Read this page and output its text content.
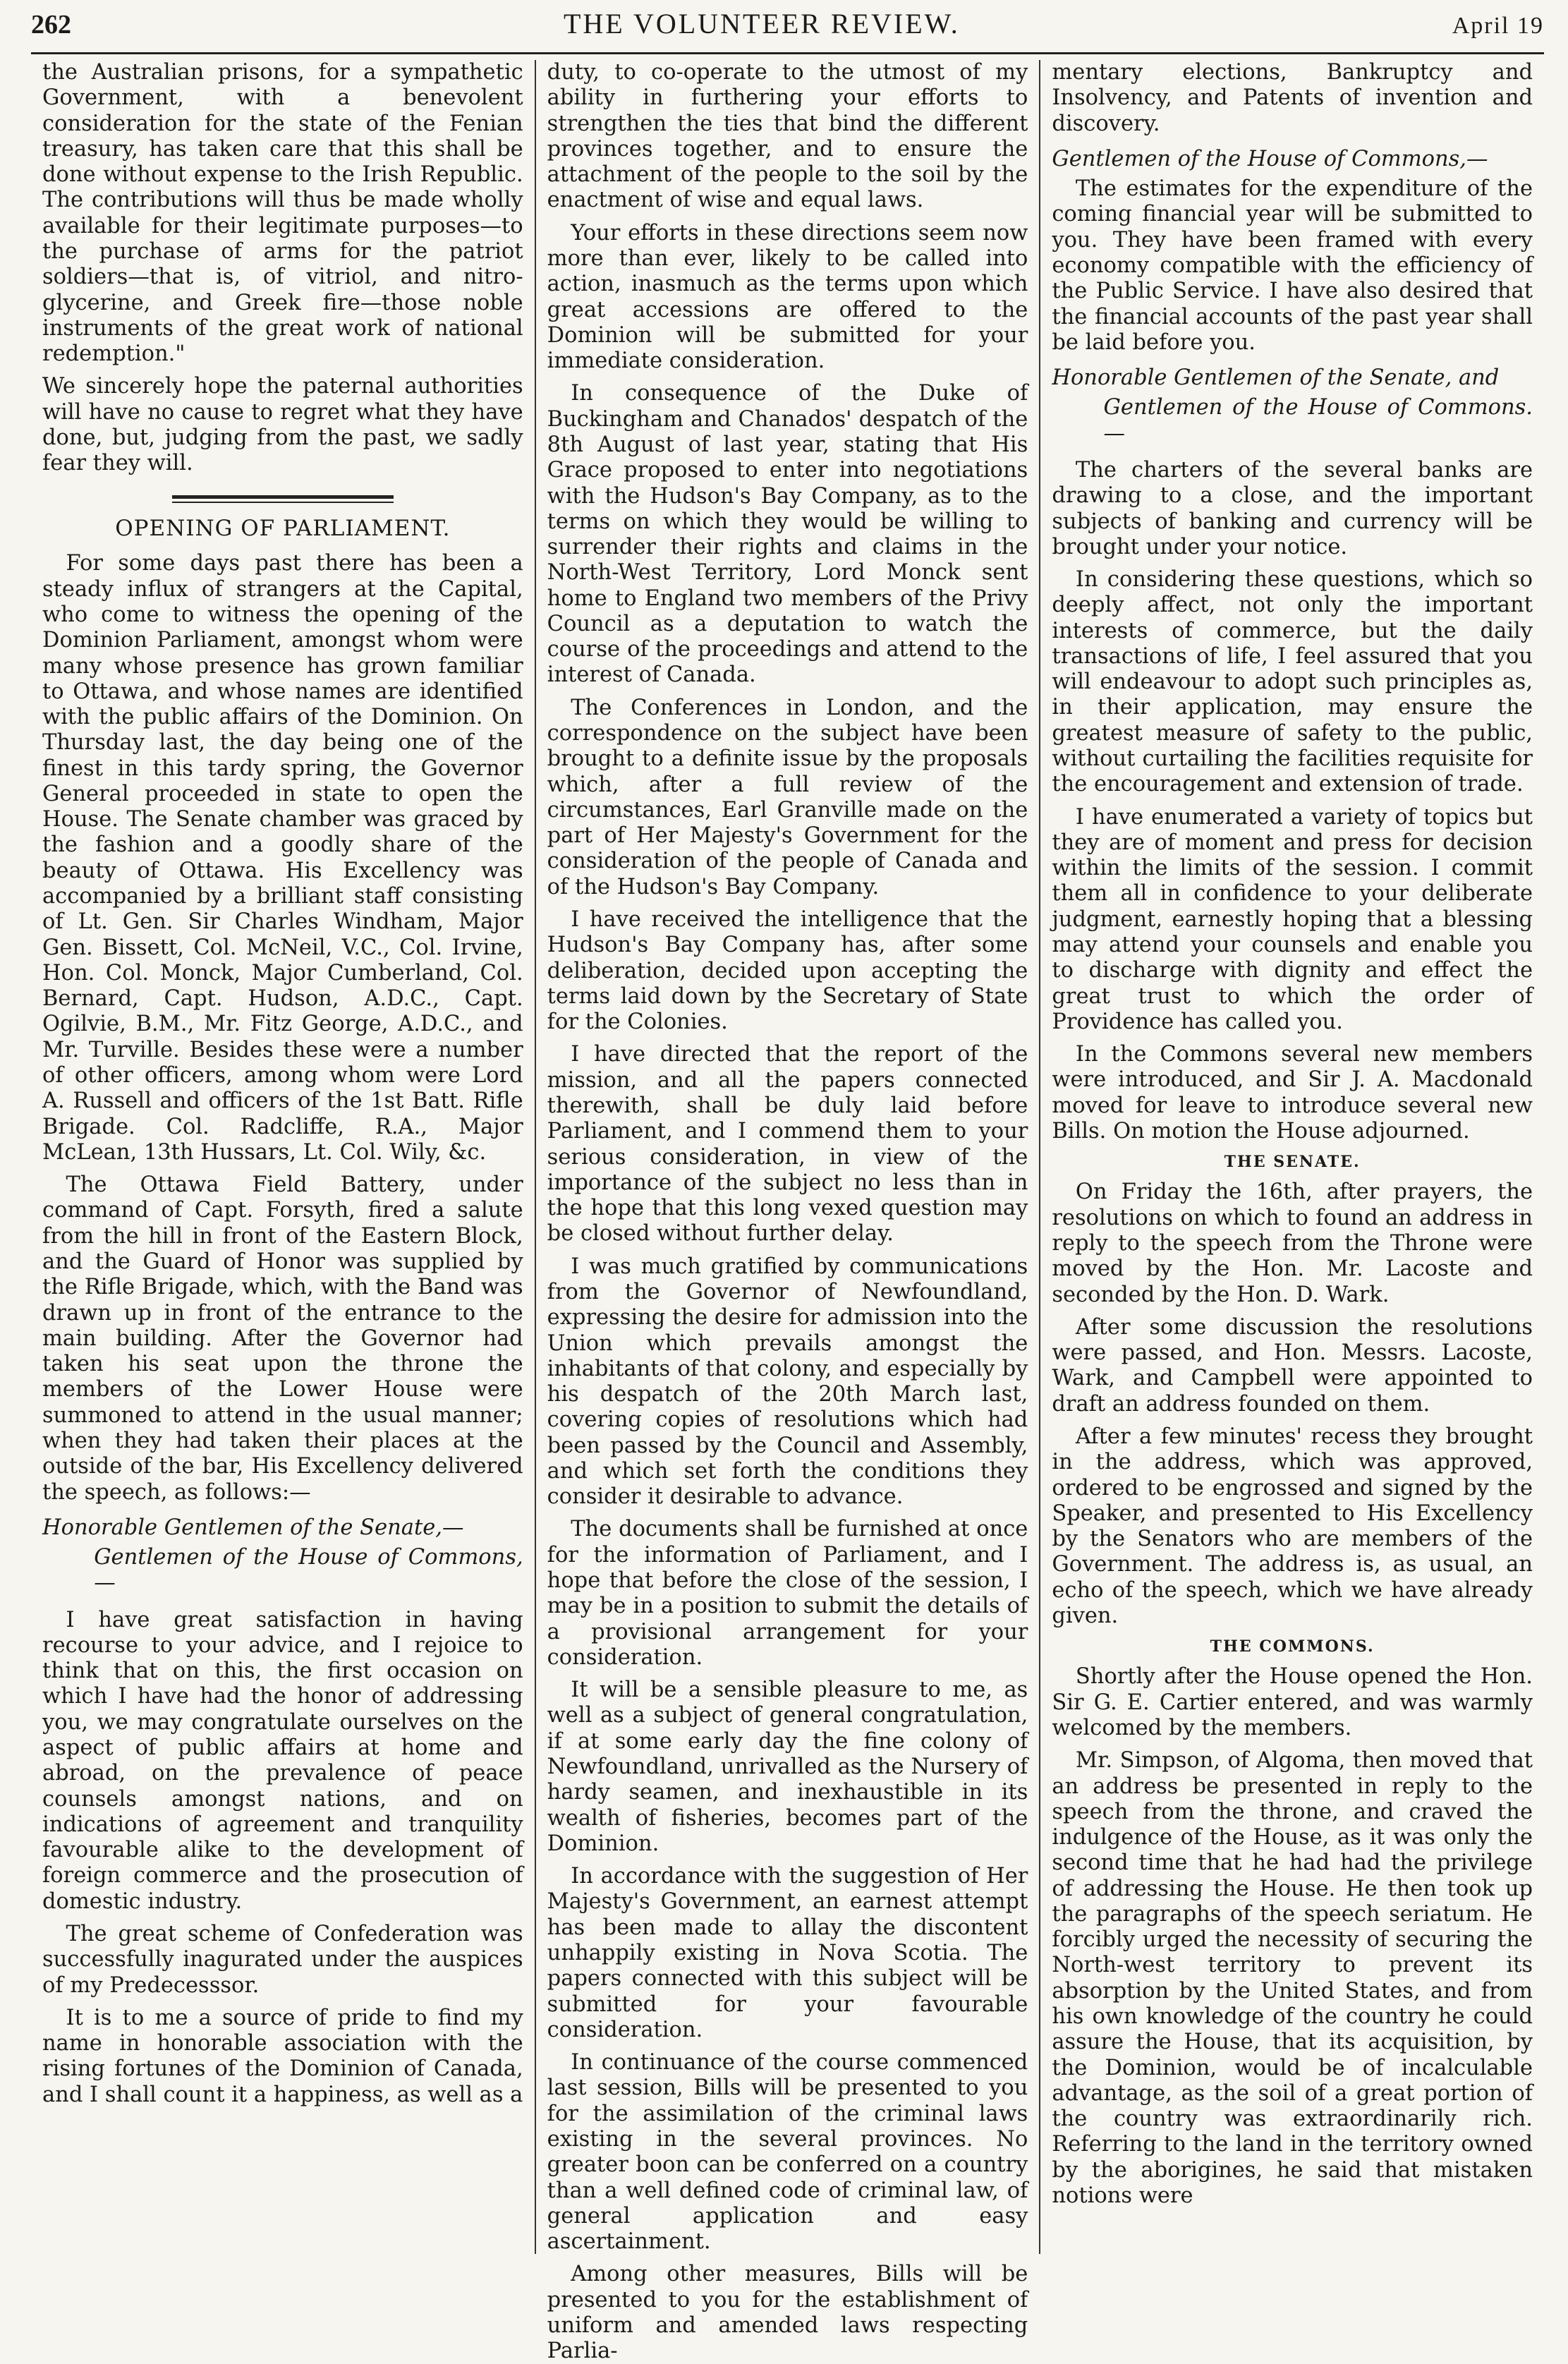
262	THE VOLUNTEER REVIEW.	April 19

the Australian prisons, for a sympathetic Government, with a benevolent consideration for the state of the Fenian treasury, has taken care that this shall be done without expense to the Irish Republic. The contributions will thus be made wholly available for their legitimate purposes—to the purchase of arms for the patriot soldiers—that is, of vitriol, and nitro-glycerine, and Greek fire—those noble instruments of the great work of national redemption."

We sincerely hope the paternal authorities will have no cause to regret what they have done, but, judging from the past, we sadly fear they will.

OPENING OF PARLIAMENT.

For some days past there has been a steady influx of strangers at the Capital, who come to witness the opening of the Dominion Parliament, amongst whom were many whose presence has grown familiar to Ottawa, and whose names are identified with the public affairs of the Dominion. On Thursday last, the day being one of the finest in this tardy spring, the Governor General proceeded in state to open the House. The Senate chamber was graced by the fashion and a goodly share of the beauty of Ottawa. His Excellency was accompanied by a brilliant staff consisting of Lt. Gen. Sir Charles Windham, Major Gen. Bissett, Col. McNeil, V.C., Col. Irvine, Hon. Col. Monck, Major Cumberland, Col. Bernard, Capt. Hudson, A.D.C., Capt. Ogilvie, B.M., Mr. Fitz George, A.D.C., and Mr. Turville. Besides these were a number of other officers, among whom were Lord A. Russell and officers of the 1st Batt. Rifle Brigade. Col. Radcliffe, R.A., Major McLean, 13th Hussars, Lt. Col. Wily, &c.

The Ottawa Field Battery, under command of Capt. Forsyth, fired a salute from the hill in front of the Eastern Block, and the Guard of Honor was supplied by the Rifle Brigade, which, with the Band was drawn up in front of the entrance to the main building. After the Governor had taken his seat upon the throne the members of the Lower House were summoned to attend in the usual manner; when they had taken their places at the outside of the bar, His Excellency delivered the speech, as follows:—

Honorable Gentlemen of the Senate,—
Gentlemen of the House of Commons,—

I have great satisfaction in having recourse to your advice, and I rejoice to think that on this, the first occasion on which I have had the honor of addressing you, we may congratulate ourselves on the aspect of public affairs at home and abroad, on the prevalence of peace counsels amongst nations, and on indications of agreement and tranquility favourable alike to the development of foreign commerce and the prosecution of domestic industry.

The great scheme of Confederation was successfully inagurated under the auspices of my Predecesssor.

It is to me a source of pride to find my name in honorable association with the rising fortunes of the Dominion of Canada, and I shall count it a happiness, as well as a

duty, to co-operate to the utmost of my ability in furthering your efforts to strengthen the ties that bind the different provinces together, and to ensure the attachment of the people to the soil by the enactment of wise and equal laws.

Your efforts in these directions seem now more than ever, likely to be called into action, inasmuch as the terms upon which great accessions are offered to the Dominion will be submitted for your immediate consideration.

In consequence of the Duke of Buckingham and Chanados' despatch of the 8th August of last year, stating that His Grace proposed to enter into negotiations with the Hudson's Bay Company, as to the terms on which they would be willing to surrender their rights and claims in the North-West Territory, Lord Monck sent home to England two members of the Privy Council as a deputation to watch the course of the proceedings and attend to the interest of Canada.

The Conferences in London, and the correspondence on the subject have been brought to a definite issue by the proposals which, after a full review of the circumstances, Earl Granville made on the part of Her Majesty's Government for the consideration of the people of Canada and of the Hudson's Bay Company.

I have received the intelligence that the Hudson's Bay Company has, after some deliberation, decided upon accepting the terms laid down by the Secretary of State for the Colonies.

I have directed that the report of the mission, and all the papers connected therewith, shall be duly laid before Parliament, and I commend them to your serious consideration, in view of the importance of the subject no less than in the hope that this long vexed question may be closed without further delay.

I was much gratified by communications from the Governor of Newfoundland, expressing the desire for admission into the Union which prevails amongst the inhabitants of that colony, and especially by his despatch of the 20th March last, covering copies of resolutions which had been passed by the Council and Assembly, and which set forth the conditions they consider it desirable to advance.

The documents shall be furnished at once for the information of Parliament, and I hope that before the close of the session, I may be in a position to submit the details of a provisional arrangement for your consideration.

It will be a sensible pleasure to me, as well as a subject of general congratulation, if at some early day the fine colony of Newfoundland, unrivalled as the Nursery of hardy seamen, and inexhaustible in its wealth of fisheries, becomes part of the Dominion.

In accordance with the suggestion of Her Majesty's Government, an earnest attempt has been made to allay the discontent unhappily existing in Nova Scotia. The papers connected with this subject will be submitted for your favourable consideration.

In continuance of the course commenced last session, Bills will be presented to you for the assimilation of the criminal laws existing in the several provinces. No greater boon can be conferred on a country than a well defined code of criminal law, of general application and easy ascertainment.

Among other measures, Bills will be presented to you for the establishment of uniform and amended laws respecting Parlia-

mentary elections, Bankruptcy and Insolvency, and Patents of invention and discovery.

Gentlemen of the House of Commons,—

The estimates for the expenditure of the coming financial year will be submitted to you. They have been framed with every economy compatible with the efficiency of the Public Service. I have also desired that the financial accounts of the past year shall be laid before you.

Honorable Gentlemen of the Senate, and
Gentlemen of the House of Commons.—

The charters of the several banks are drawing to a close, and the important subjects of banking and currency will be brought under your notice.

In considering these questions, which so deeply affect, not only the important interests of commerce, but the daily transactions of life, I feel assured that you will endeavour to adopt such principles as, in their application, may ensure the greatest measure of safety to the public, without curtailing the facilities requisite for the encouragement and extension of trade.

I have enumerated a variety of topics but they are of moment and press for decision within the limits of the session. I commit them all in confidence to your deliberate judgment, earnestly hoping that a blessing may attend your counsels and enable you to discharge with dignity and effect the great trust to which the order of Providence has called you.

In the Commons several new members were introduced, and Sir J. A. Macdonald moved for leave to introduce several new Bills. On motion the House adjourned.

THE SENATE.

On Friday the 16th, after prayers, the resolutions on which to found an address in reply to the speech from the Throne were moved by the Hon. Mr. Lacoste and seconded by the Hon. D. Wark.

After some discussion the resolutions were passed, and Hon. Messrs. Lacoste, Wark, and Campbell were appointed to draft an address founded on them.

After a few minutes' recess they brought in the address, which was approved, ordered to be engrossed and signed by the Speaker, and presented to His Excellency by the Senators who are members of the Government. The address is, as usual, an echo of the speech, which we have already given.

THE COMMONS.

Shortly after the House opened the Hon. Sir G. E. Cartier entered, and was warmly welcomed by the members.

Mr. Simpson, of Algoma, then moved that an address be presented in reply to the speech from the throne, and craved the indulgence of the House, as it was only the second time that he had had the privilege of addressing the House. He then took up the paragraphs of the speech seriatum. He forcibly urged the necessity of securing the North-west territory to prevent its absorption by the United States, and from his own knowledge of the country he could assure the House, that its acquisition, by the Dominion, would be of incalculable advantage, as the soil of a great portion of the country was extraordinarily rich. Referring to the land in the territory owned by the aborigines, he said that mistaken notions were
